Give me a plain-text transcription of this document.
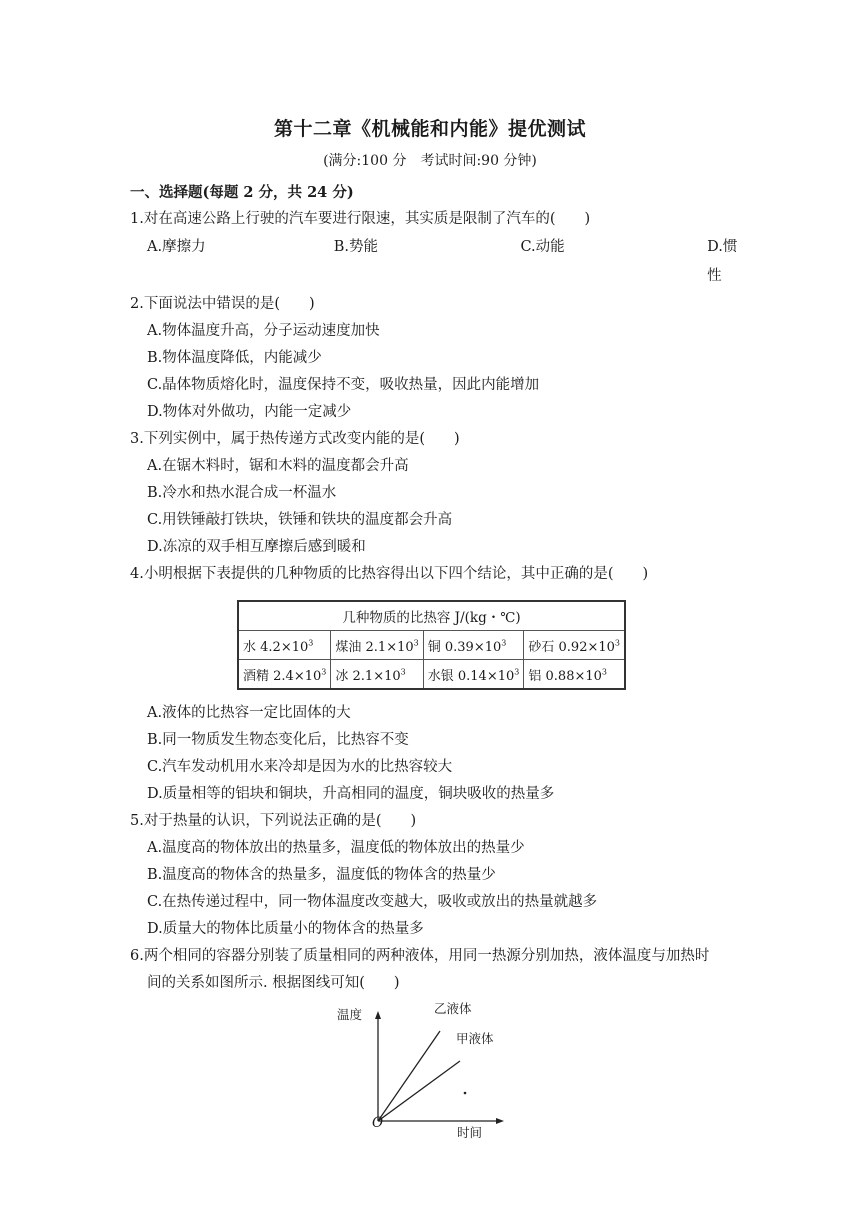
第十二章《机械能和内能》提优测试
(满分:100 分　考试时间:90 分钟)
一、选择题(每题 2 分，共 24 分)
1.对在高速公路上行驶的汽车要进行限速，其实质是限制了汽车的(　　)
A.摩擦力	B.势能	C.动能	D.惯性
2.下面说法中错误的是(　　)
A.物体温度升高，分子运动速度加快
B.物体温度降低，内能减少
C.晶体物质熔化时，温度保持不变，吸收热量，因此内能增加
D.物体对外做功，内能一定减少
3.下列实例中，属于热传递方式改变内能的是(　　)
A.在锯木料时，锯和木料的温度都会升高
B.冷水和热水混合成一杯温水
C.用铁锤敲打铁块，铁锤和铁块的温度都会升高
D.冻凉的双手相互摩擦后感到暖和
4.小明根据下表提供的几种物质的比热容得出以下四个结论，其中正确的是(　　)
几种物质的比热容 J/(kg・℃)			
水 $4.2\times 10^3$	煤油 $2.1\times 10^3$	铜 $0.39\times 10^3$	砂石 $0.92\times 10^3$
酒精 $2.4\times 10^3$	冰 $2.1\times 10^3$	水银 $0.14\times 10^3$	铝 $0.88\times 10^3$
A.液体的比热容一定比固体的大
B.同一物质发生物态变化后，比热容不变
C.汽车发动机用水来冷却是因为水的比热容较大
D.质量相等的铝块和铜块，升高相同的温度，铜块吸收的热量多
5.对于热量的认识，下列说法正确的是(　　)
A.温度高的物体放出的热量多，温度低的物体放出的热量少
B.温度高的物体含的热量多，温度低的物体含的热量少
C.在热传递过程中，同一物体温度改变越大，吸收或放出的热量就越多
D.质量大的物体比质量小的物体含的热量多
6.两个相同的容器分别装了质量相同的两种液体，用同一热源分别加热，液体温度与加热时
间的关系如图所示. 根据图线可知(　　)
温度	乙液体
甲液体
O
时间
